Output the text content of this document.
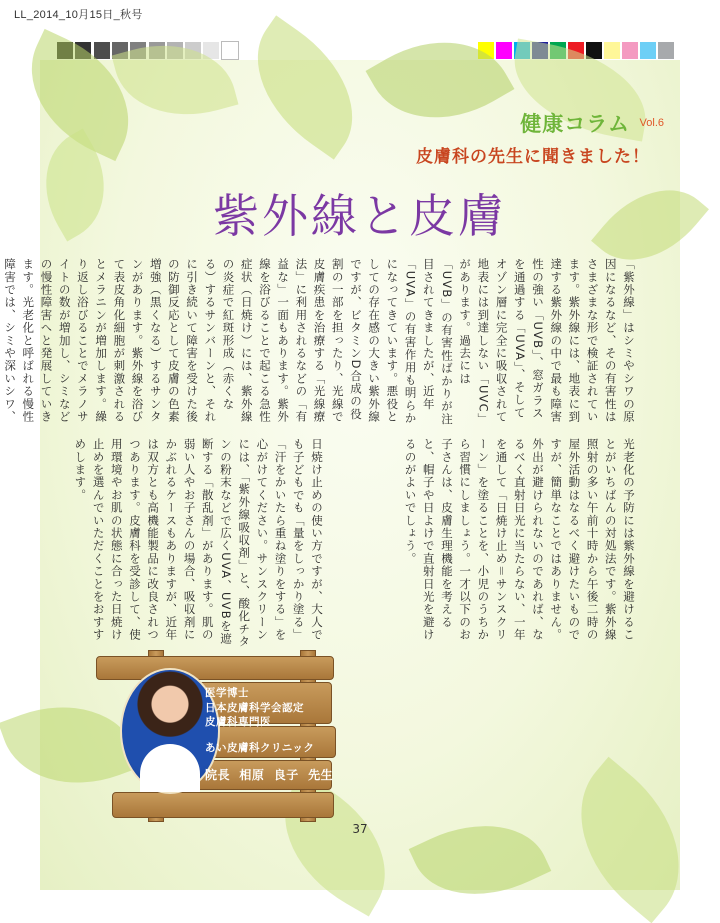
LL_2014_10月15日_秋号
健康コラム Vol.6
皮膚科の先生に聞きました！
紫外線と皮膚
「紫外線」はシミやシワの原因になるなど、その有害性はさまざまな形で検証されています。紫外線には、地表に到達する紫外線の中で最も障害性の強い「UVB」、窓ガラスを通過する「UVA」、そしてオゾン層に完全に吸収されて地表には到達しない「UVC」があります。過去には「UVB」の有害性ばかりが注目されてきましたが、近年「UVA」の有害作用も明らかになってきています。悪役としての存在感の大きい紫外線ですが、ビタミンD合成の役割の一部を担ったり、光線で皮膚疾患を治療する「光線療法」に利用されるなどの「有益な」一面もあります。紫外線を浴びることで起こる急性症状（日焼け）には、紫外線の炎症で紅斑形成（赤くなる）するサンバーンと、それに引き続いて障害を受けた後の防御反応として皮膚の色素増強（黒くなる）するサンタンがあります。紫外線を浴びて表皮角化細胞が刺激されるとメラニンが増加します。繰り返し浴びることでメラノサイトの数が増加し、シミなどの慢性障害へと発展していきます。光老化と呼ばれる慢性障害では、シミや深いシワ、
光老化の予防には紫外線を避けることがいちばんの対処法です。紫外線照射の多い午前十時から午後二時の屋外活動はなるべく避けたいものですが、簡単なことではありません。外出が避けられないのであれば、なるべく直射日光に当たらない、一年を通して「日焼け止め＝サンスクリーン」を塗ることを、小児のうちから習慣にしましょう。一才以下のお子さんは、皮膚生理機能を考えると、帽子や日よけで直射日光を避けるのがよいでしょう。
日焼け止めの使い方ですが、大人でも子どもでも「量をしっかり塗る」「汗をかいたら重ね塗りをする」を心がけてください。サンスクリーンには、「紫外線吸収剤」と、酸化チタンの粉末などで広くUVA、UVBを遮断する「散乱剤」があります。肌の弱い人やお子さんの場合、吸収剤にかぶれるケースもありますが、近年は双方とも高機能製品に改良されつつあります。皮膚科を受診して、使用環境やお肌の状態に合った日焼け止めを選んでいただくことをおすすめします。
医学博士
日本皮膚科学会認定
皮膚科専門医
あい皮膚科クリニック
院長  相原  良子  先生
37
